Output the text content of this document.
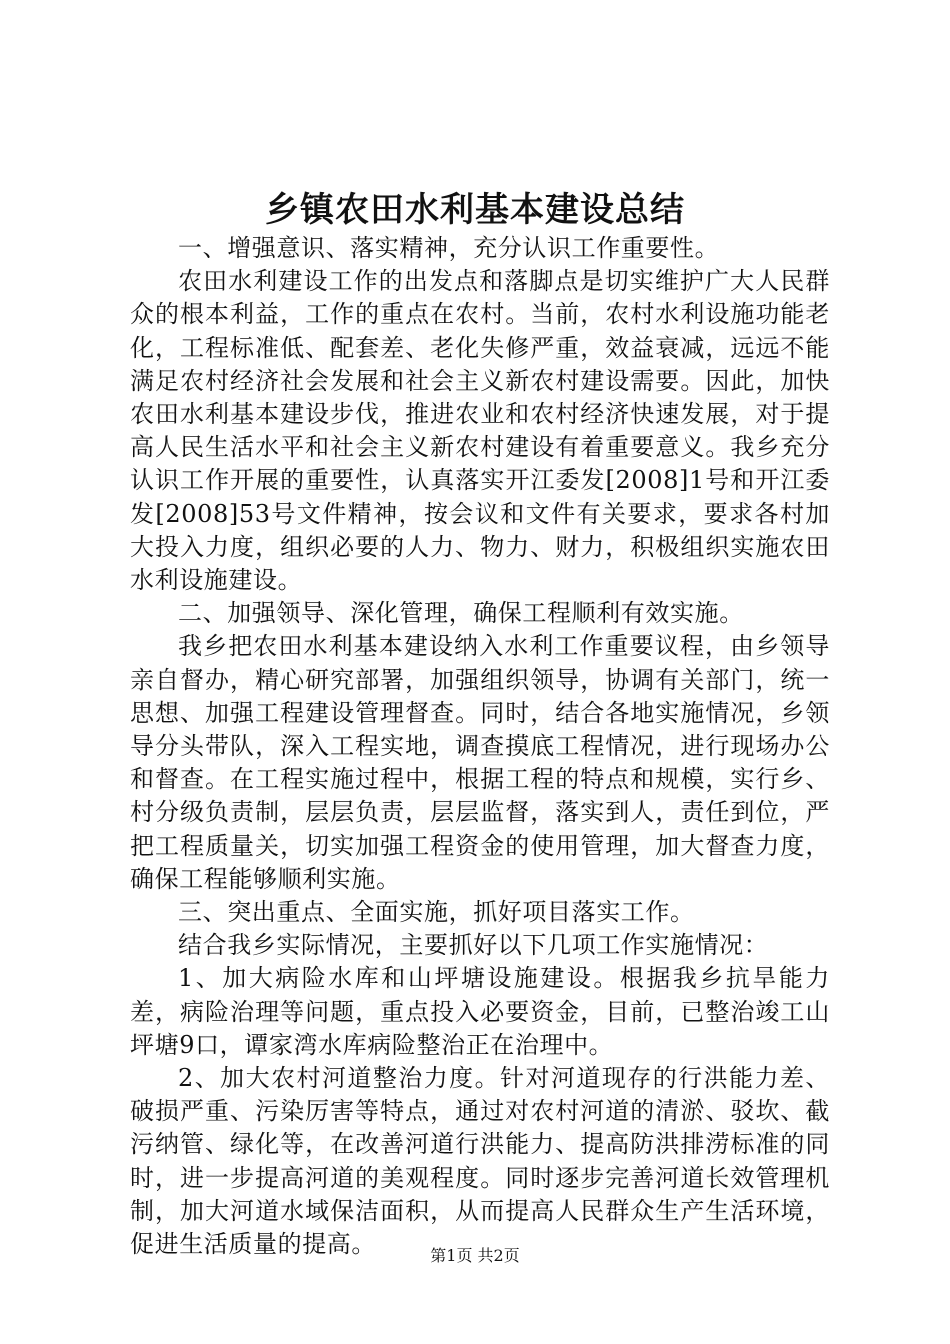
乡镇农田水利基本建设总结

一、增强意识、落实精神，充分认识工作重要性。

农田水利建设工作的出发点和落脚点是切实维护广大人民群众的根本利益，工作的重点在农村。当前，农村水利设施功能老化，工程标准低、配套差、老化失修严重，效益衰减，远远不能满足农村经济社会发展和社会主义新农村建设需要。因此，加快农田水利基本建设步伐，推进农业和农村经济快速发展，对于提高人民生活水平和社会主义新农村建设有着重要意义。我乡充分认识工作开展的重要性，认真落实开江委发[2008]1号和开江委发[2008]53号文件精神，按会议和文件有关要求，要求各村加大投入力度，组织必要的人力、物力、财力，积极组织实施农田水利设施建设。

二、加强领导、深化管理，确保工程顺利有效实施。

我乡把农田水利基本建设纳入水利工作重要议程，由乡领导亲自督办，精心研究部署，加强组织领导，协调有关部门，统一思想、加强工程建设管理督查。同时，结合各地实施情况，乡领导分头带队，深入工程实地，调查摸底工程情况，进行现场办公和督查。在工程实施过程中，根据工程的特点和规模，实行乡、村分级负责制，层层负责，层层监督，落实到人，责任到位，严把工程质量关，切实加强工程资金的使用管理，加大督查力度，确保工程能够顺利实施。

三、突出重点、全面实施，抓好项目落实工作。

结合我乡实际情况，主要抓好以下几项工作实施情况：

1、加大病险水库和山坪塘设施建设。根据我乡抗旱能力差，病险治理等问题，重点投入必要资金，目前，已整治竣工山坪塘9口，谭家湾水库病险整治正在治理中。

2、加大农村河道整治力度。针对河道现存的行洪能力差、破损严重、污染厉害等特点，通过对农村河道的清淤、驳坎、截污纳管、绿化等，在改善河道行洪能力、提高防洪排涝标准的同时，进一步提高河道的美观程度。同时逐步完善河道长效管理机制，加大河道水域保洁面积，从而提高人民群众生产生活环境，促进生活质量的提高。	第1页 共2页
